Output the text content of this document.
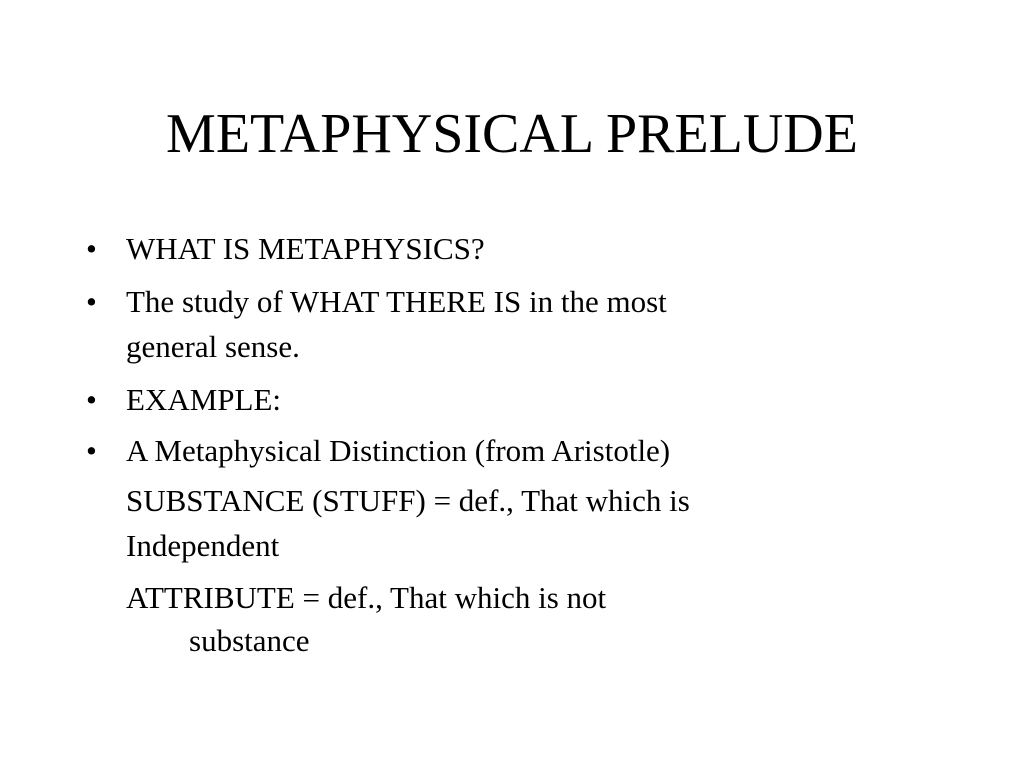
METAPHYSICAL PRELUDE
• WHAT IS METAPHYSICS?
• The study of WHAT THERE IS in the most
general sense.
• EXAMPLE:
• A Metaphysical Distinction (from Aristotle)
SUBSTANCE (STUFF) = def., That which is
Independent
ATTRIBUTE = def., That which is not
substance
